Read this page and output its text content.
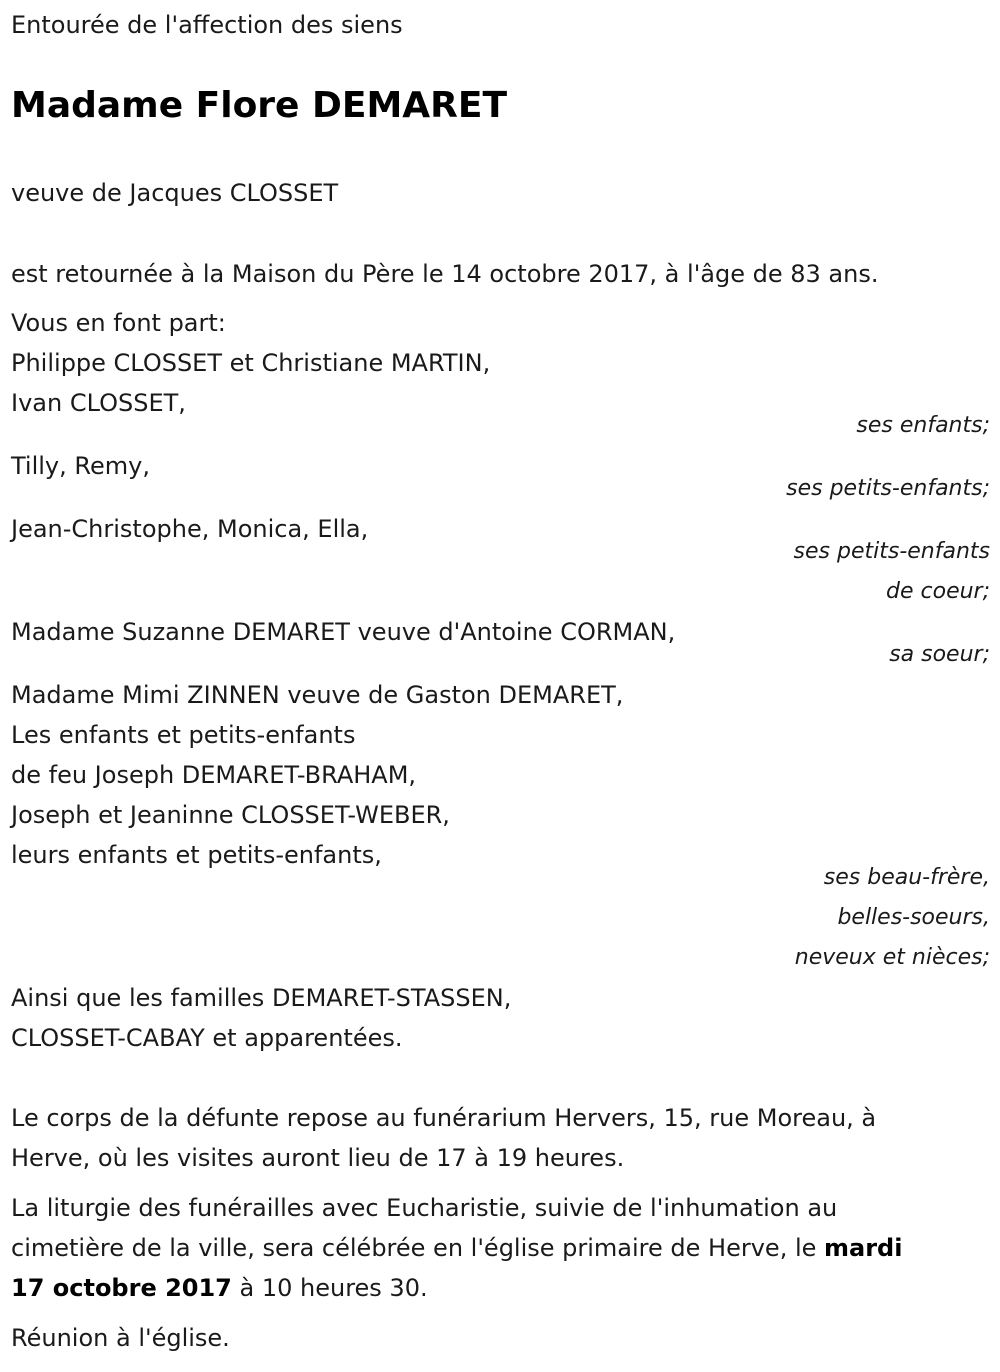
Entourée de l'affection des siens
Madame Flore DEMARET
veuve de Jacques CLOSSET
est retournée à la Maison du Père le 14 octobre 2017, à l'âge de 83 ans.
Vous en font part:
Philippe CLOSSET et Christiane MARTIN,
Ivan CLOSSET,
ses enfants;
Tilly, Remy,
ses petits-enfants;
Jean-Christophe, Monica, Ella,
ses petits-enfants
de coeur;
Madame Suzanne DEMARET veuve d'Antoine CORMAN,
sa soeur;
Madame Mimi ZINNEN veuve de Gaston DEMARET,
Les enfants et petits-enfants
de feu Joseph DEMARET-BRAHAM,
Joseph et Jeaninne CLOSSET-WEBER,
leurs enfants et petits-enfants,
ses beau-frère,
belles-soeurs,
neveux et nièces;
Ainsi que les familles DEMARET-STASSEN,
CLOSSET-CABAY et apparentées.
Le corps de la défunte repose au funérarium Hervers, 15, rue Moreau, à
Herve, où les visites auront lieu de 17 à 19 heures.
La liturgie des funérailles avec Eucharistie, suivie de l'inhumation au
cimetière de la ville, sera célébrée en l'église primaire de Herve, le mardi
17 octobre 2017 à 10 heures 30.
Réunion à l'église.
